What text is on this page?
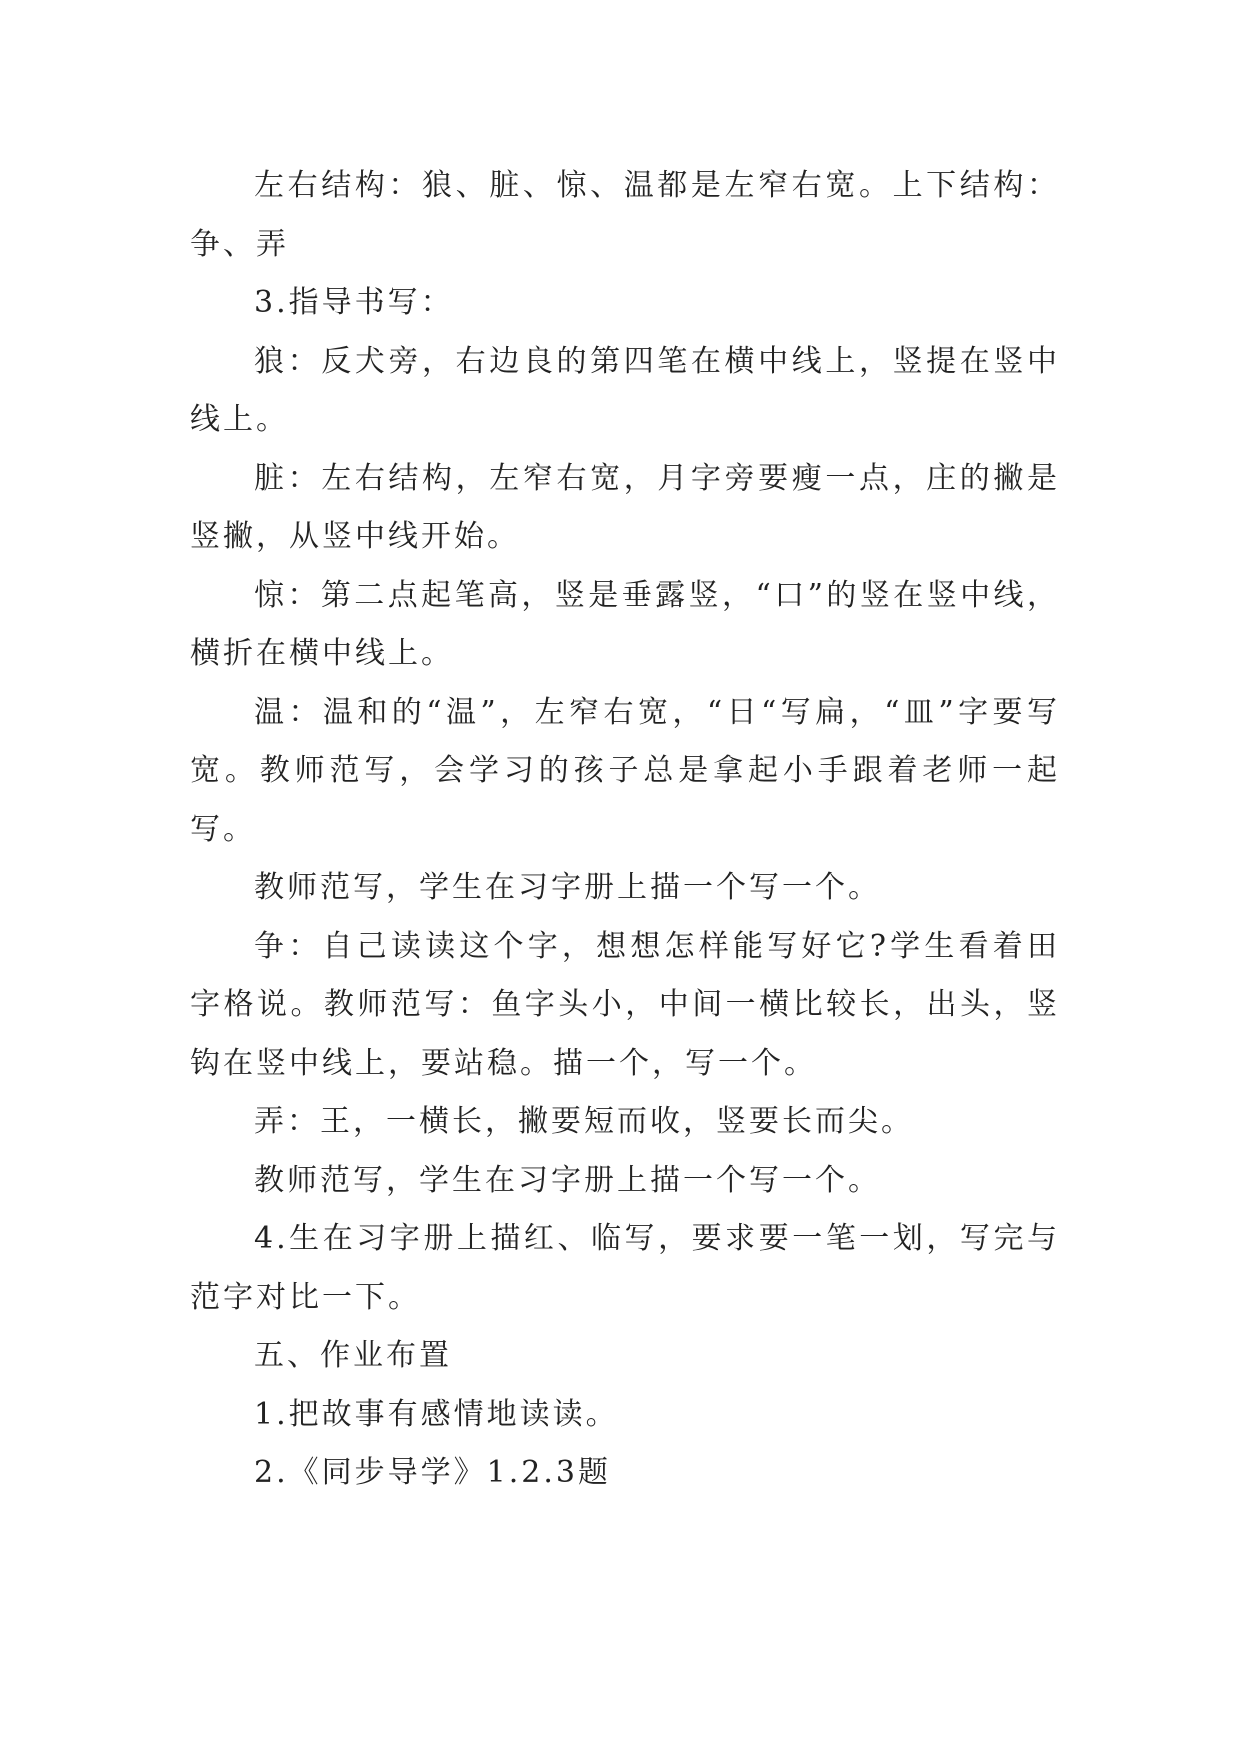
左右结构：狼、脏、惊、温都是左窄右宽。上下结构：争、弄

3.指导书写：

狼：反犬旁，右边良的第四笔在横中线上，竖提在竖中线上。

脏：左右结构，左窄右宽，月字旁要瘦一点，庄的撇是竖撇，从竖中线开始。

惊：第二点起笔高，竖是垂露竖，“口”的竖在竖中线，横折在横中线上。

温：温和的“温”，左窄右宽，“日“写扁，“皿”字要写宽。教师范写，会学习的孩子总是拿起小手跟着老师一起写。

教师范写，学生在习字册上描一个写一个。

争：自己读读这个字，想想怎样能写好它?学生看着田字格说。教师范写：鱼字头小，中间一横比较长，出头，竖钩在竖中线上，要站稳。描一个，写一个。

弄：王，一横长，撇要短而收，竖要长而尖。

教师范写，学生在习字册上描一个写一个。

4.生在习字册上描红、临写，要求要一笔一划，写完与范字对比一下。

五、作业布置

1.把故事有感情地读读。

2.《同步导学》1.2.3题
